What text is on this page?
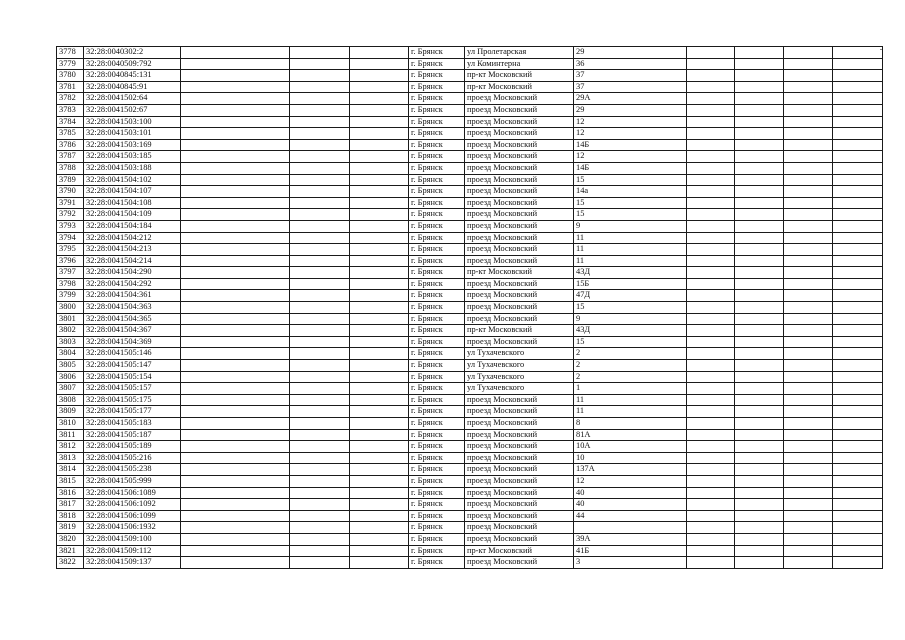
3778	32:28:0040302:2				г. Брянск	ул Пролетарская	29				
3779	32:28:0040509:792				г. Брянск	ул Коминтерна	36				
3780	32:28:0040845:131				г. Брянск	пр-кт Московский	37				
3781	32:28:0040845:91				г. Брянск	пр-кт Московский	37				
3782	32:28:0041502:64				г. Брянск	проезд Московский	29А				
3783	32:28:0041502:67				г. Брянск	проезд Московский	29				
3784	32:28:0041503:100				г. Брянск	проезд Московский	12				
3785	32:28:0041503:101				г. Брянск	проезд Московский	12				
3786	32:28:0041503:169				г. Брянск	проезд Московский	14Б				
3787	32:28:0041503:185				г. Брянск	проезд Московский	12				
3788	32:28:0041503:188				г. Брянск	проезд Московский	14Б				
3789	32:28:0041504:102				г. Брянск	проезд Московский	15				
3790	32:28:0041504:107				г. Брянск	проезд Московский	14а				
3791	32:28:0041504:108				г. Брянск	проезд Московский	15				
3792	32:28:0041504:109				г. Брянск	проезд Московский	15				
3793	32:28:0041504:184				г. Брянск	проезд Московский	9				
3794	32:28:0041504:212				г. Брянск	проезд Московский	11				
3795	32:28:0041504:213				г. Брянск	проезд Московский	11				
3796	32:28:0041504:214				г. Брянск	проезд Московский	11				
3797	32:28:0041504:290				г. Брянск	пр-кт Московский	43Д				
3798	32:28:0041504:292				г. Брянск	проезд Московский	15Б				
3799	32:28:0041504:361				г. Брянск	проезд Московский	47Д				
3800	32:28:0041504:363				г. Брянск	проезд Московский	15				
3801	32:28:0041504:365				г. Брянск	проезд Московский	9				
3802	32:28:0041504:367				г. Брянск	пр-кт Московский	43Д				
3803	32:28:0041504:369				г. Брянск	проезд Московский	15				
3804	32:28:0041505:146				г. Брянск	ул Тухачевского	2				
3805	32:28:0041505:147				г. Брянск	ул Тухачевского	2				
3806	32:28:0041505:154				г. Брянск	ул Тухачевского	2				
3807	32:28:0041505:157				г. Брянск	ул Тухачевского	1				
3808	32:28:0041505:175				г. Брянск	проезд Московский	11				
3809	32:28:0041505:177				г. Брянск	проезд Московский	11				
3810	32:28:0041505:183				г. Брянск	проезд Московский	8				
3811	32:28:0041505:187				г. Брянск	проезд Московский	81А				
3812	32:28:0041505:189				г. Брянск	проезд Московский	10А				
3813	32:28:0041505:216				г. Брянск	проезд Московский	10				
3814	32:28:0041505:238				г. Брянск	проезд Московский	137А				
3815	32:28:0041505:999				г. Брянск	проезд Московский	12				
3816	32:28:0041506:1089				г. Брянск	проезд Московский	40				
3817	32:28:0041506:1092				г. Брянск	проезд Московский	40				
3818	32:28:0041506:1099				г. Брянск	проезд Московский	44				
3819	32:28:0041506:1932				г. Брянск	проезд Московский					
3820	32:28:0041509:100				г. Брянск	проезд Московский	39А				
3821	32:28:0041509:112				г. Брянск	пр-кт Московский	41Б				
3822	32:28:0041509:137				г. Брянск	проезд Московский	3				
